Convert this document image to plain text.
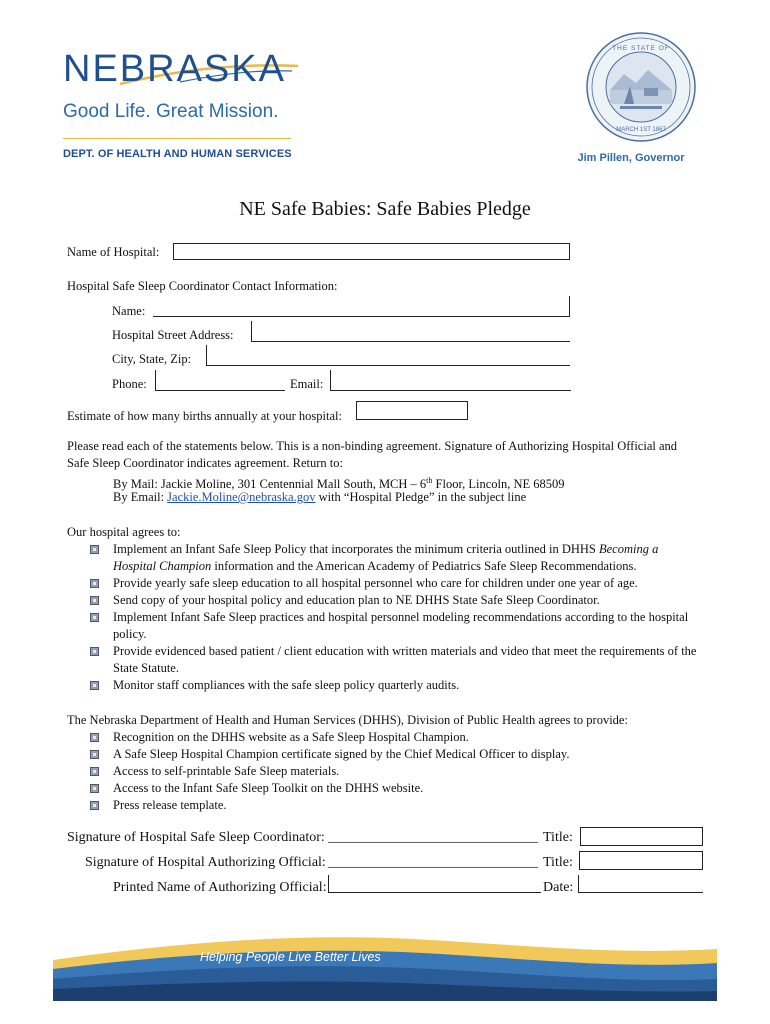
NEBRASKA
Good Life. Great Mission.
DEPT. OF HEALTH AND HUMAN SERVICES
THE STATE OF
MARCH 1ST 1867
Jim Pillen, Governor
NE Safe Babies: Safe Babies Pledge
Name of Hospital:
Hospital Safe Sleep Coordinator Contact Information:
Name:
Hospital Street Address:
City, State, Zip:
Phone:	Email:
Estimate of how many births annually at your hospital:
Please read each of the statements below. This is a non-binding agreement. Signature of Authorizing Hospital Official and
Safe Sleep Coordinator indicates agreement. Return to:
By Mail: Jackie Moline, 301 Centennial Mall South, MCH – 6th Floor, Lincoln, NE 68509
By Email: Jackie.Moline@nebraska.gov with “Hospital Pledge” in the subject line
Our hospital agrees to:
Implement an Infant Safe Sleep Policy that incorporates the minimum criteria outlined in DHHS Becoming a
Hospital Champion information and the American Academy of Pediatrics Safe Sleep Recommendations.
Provide yearly safe sleep education to all hospital personnel who care for children under one year of age.
Send copy of your hospital policy and education plan to NE DHHS State Safe Sleep Coordinator.
Implement Infant Safe Sleep practices and hospital personnel modeling recommendations according to the hospital policy.
Provide evidenced based patient / client education with written materials and video that meet the requirements of the State Statute.
Monitor staff compliances with the safe sleep policy quarterly audits.
The Nebraska Department of Health and Human Services (DHHS), Division of Public Health agrees to provide:
Recognition on the DHHS website as a Safe Sleep Hospital Champion.
A Safe Sleep Hospital Champion certificate signed by the Chief Medical Officer to display.
Access to self-printable Safe Sleep materials.
Access to the Infant Safe Sleep Toolkit on the DHHS website.
Press release template.
Signature of Hospital Safe Sleep Coordinator: ______________________________ Title:
Signature of Hospital Authorizing Official: ______________________________ Title:
Printed Name of Authorizing Official:	Date:
Helping People Live Better Lives
